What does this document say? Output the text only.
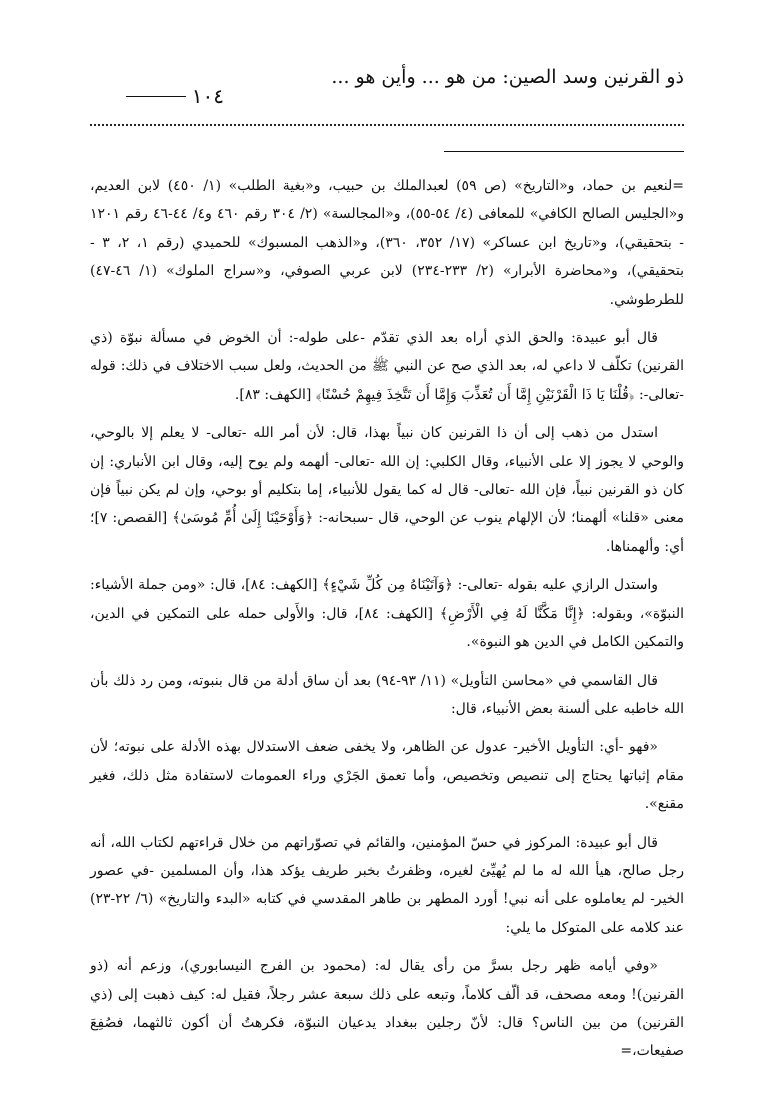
ذو القرنين وسد الصين: من هو ... وأين هو ...
١٠٤

=لنعيم بن حماد، و«التاريخ» (ص ٥٩) لعبدالملك بن حبيب، و«بغية الطلب» (١/ ٤٥٠) لابن العديم، و«الجليس الصالح الكافي» للمعافى (٤/ ٥٤-٥٥)، و«المجالسة» (٢/ ٣٠٤ رقم ٤٦٠ و٤/ ٤٤-٤٦ رقم ١٢٠١ - بتحقيقي)، و«تاريخ ابن عساكر» (١٧/ ٣٥٢، ٣٦٠)، و«الذهب المسبوك» للحميدي (رقم ١، ٢، ٣ - بتحقيقي)، و«محاضرة الأبرار» (٢/ ٢٣٣-٢٣٤) لابن عربي الصوفي، و«سراج الملوك» (١/ ٤٦-٤٧) للطرطوشي.

قال أبو عبيدة: والحق الذي أراه بعد الذي تقدّم -على طوله-: أن الخوض في مسألة نبوّة (ذي القرنين) تكلّف لا داعي له، بعد الذي صح عن النبي ﷺ من الحديث، ولعل سبب الاختلاف في ذلك: قوله -تعالى-: ﴿قُلْنَا يَا ذَا الْقَرْنَيْنِ إِمَّا أَن تُعَذِّبَ وَإِمَّا أَن تَتَّخِذَ فِيهِمْ حُسْنًا﴾ [الكهف: ٨٣].

استدل من ذهب إلى أن ذا القرنين كان نبياً بهذا، قال: لأن أمر الله -تعالى- لا يعلم إلا بالوحي، والوحي لا يجوز إلا على الأنبياء، وقال الكلبي: إن الله -تعالى- ألهمه ولم يوح إليه، وقال ابن الأنباري: إن كان ذو القرنين نبياً، فإن الله -تعالى- قال له كما يقول للأنبياء، إما بتكليم أو بوحي، وإن لم يكن نبياً فإن معنى «قلنا» ألهمنا؛ لأن الإلهام ينوب عن الوحي، قال -سبحانه-: ﴿وَأَوْحَيْنَا إِلَىٰ أُمِّ مُوسَىٰ﴾ [القصص: ٧]؛ أي: وألهمناها.

واستدل الرازي عليه بقوله -تعالى-: ﴿وَآتَيْنَاهُ مِن كُلِّ شَيْءٍ﴾ [الكهف: ٨٤]، قال: «ومن جملة الأشياء: النبوّة»، وبقوله: ﴿إِنَّا مَكَّنَّا لَهُ فِي الْأَرْضِ﴾ [الكهف: ٨٤]، قال: والأَولى حمله على التمكين في الدين، والتمكين الكامل في الدين هو النبوة».

قال القاسمي في «محاسن التأويل» (١١/ ٩٣-٩٤) بعد أن ساق أدلة من قال بنبوته، ومن رد ذلك بأن الله خاطبه على ألسنة بعض الأنبياء، قال:

«فهو -أي: التأويل الأخير- عدول عن الظاهر، ولا يخفى ضعف الاستدلال بهذه الأدلة على نبوته؛ لأن مقام إثباتها يحتاج إلى تنصيص وتخصيص، وأما تعمق الجَرْي وراء العمومات لاستفادة مثل ذلك، فغير مقنع».

قال أبو عبيدة: المركوز في حسّ المؤمنين، والقائم في تصوّراتهم من خلال قراءتهم لكتاب الله، أنه رجل صالح، هيأ الله له ما لم يُهيِّئ لغيره، وظفرتُ بخبر طريف يؤكد هذا، وأن المسلمين -في عصور الخير- لم يعاملوه على أنه نبي! أورد المطهر بن طاهر المقدسي في كتابه «البدء والتاريخ» (٦/ ٢٢-٢٣) عند كلامه على المتوكل ما يلي:

«وفي أيامه ظهر رجل بسرَّ من رأى يقال له: (محمود بن الفرج النيسابوري)، وزعم أنه (ذو القرنين)! ومعه مصحف، قد ألّف كلاماً، وتبعه على ذلك سبعة عشر رجلاً، فقيل له: كيف ذهبت إلى (ذي القرنين) من بين الناس؟ قال: لأنّ رجلين ببغداد يدعيان النبوّة، فكرهتُ أن أكون ثالثهما، فصُفِعَ صفيعات،=
